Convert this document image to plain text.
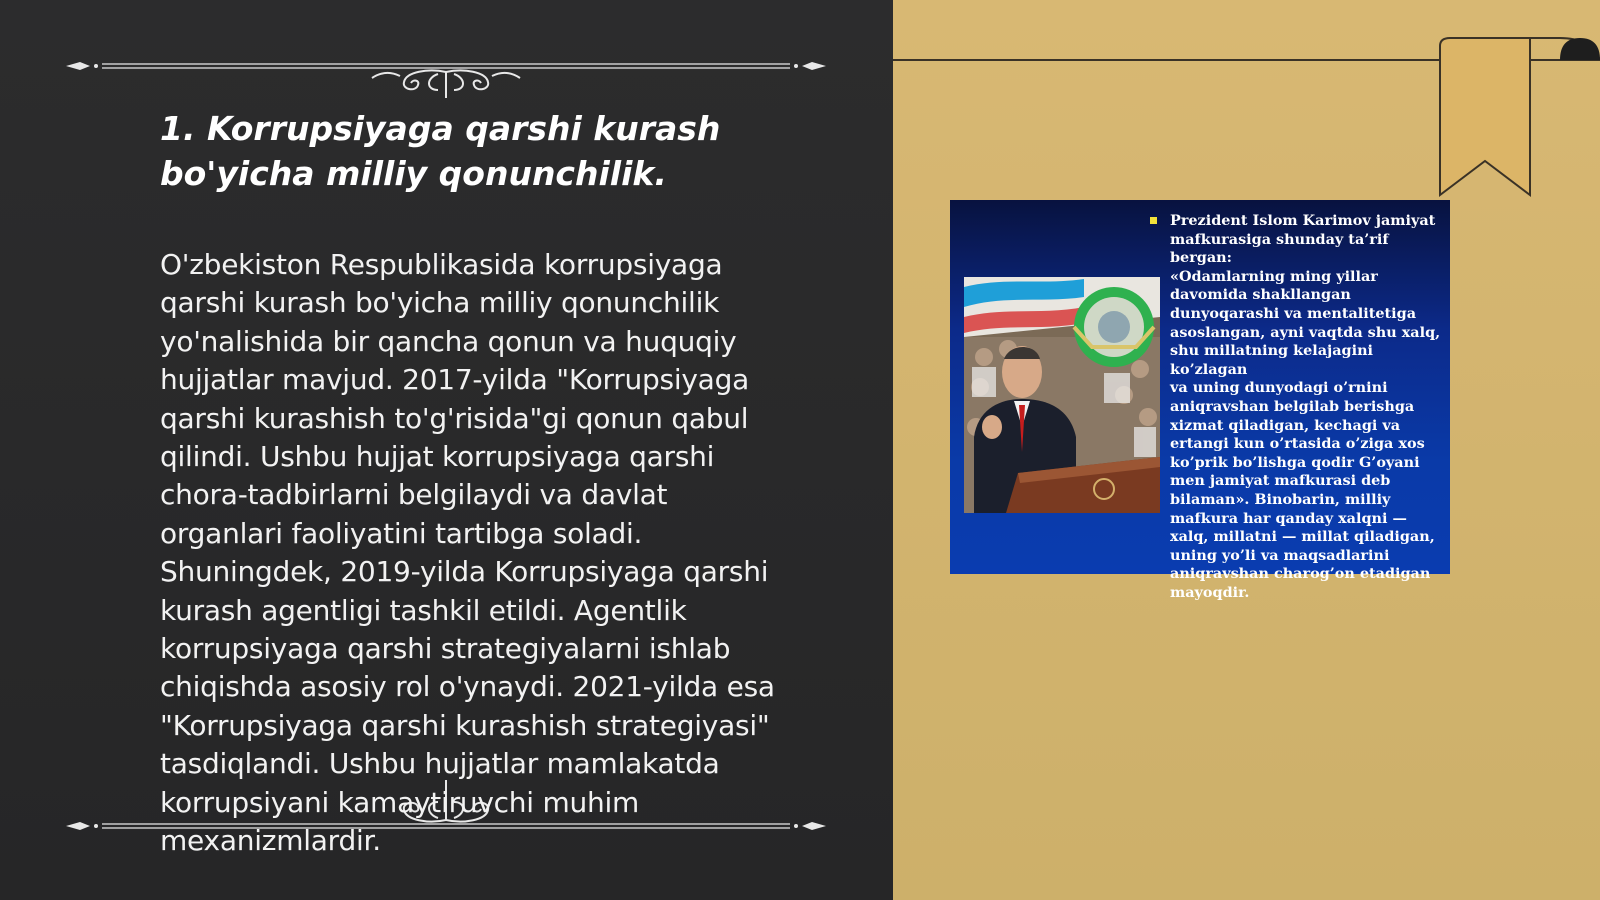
1. Korrupsiyaga qarshi kurash
bo'yicha milliy qonunchilik.

O'zbekiston Respublikasida korrupsiyaga
qarshi kurash bo'yicha milliy qonunchilik
yo'nalishida bir qancha qonun va huquqiy
hujjatlar mavjud. 2017-yilda "Korrupsiyaga
qarshi kurashish to'g'risida"gi qonun qabul
qilindi. Ushbu hujjat korrupsiyaga qarshi
chora-tadbirlarni belgilaydi va davlat
organlari faoliyatini tartibga soladi.
Shuningdek, 2019-yilda Korrupsiyaga qarshi
kurash agentligi tashkil etildi. Agentlik
korrupsiyaga qarshi strategiyalarni ishlab
chiqishda asosiy rol o'ynaydi. 2021-yilda esa
"Korrupsiyaga qarshi kurashish strategiyasi"
tasdiqlandi. Ushbu hujjatlar mamlakatda
korrupsiyani kamaytiruvchi muhim
mexanizmlardir.

Prezident Islom Karimov jamiyat
mafkurasiga shunday ta’rif bergan:
«Odamlarning ming yillar
davomida shakllangan
dunyoqarashi va mentalitetiga
asoslangan, ayni vaqtda shu xalq,
shu millatning kelajagini ko’zlagan
va uning dunyodagi o’rnini
aniqravshan belgilab berishga
xizmat qiladigan, kechagi va
ertangi kun o’rtasida o’ziga xos
ko’prik bo’lishga qodir G’oyani
men jamiyat mafkurasi deb
bilaman». Binobarin, milliy
mafkura har qanday xalqni —
xalq, millatni — millat qiladigan,
uning yo’li va maqsadlarini
aniqravshan charog’on etadigan
mayoqdir.
